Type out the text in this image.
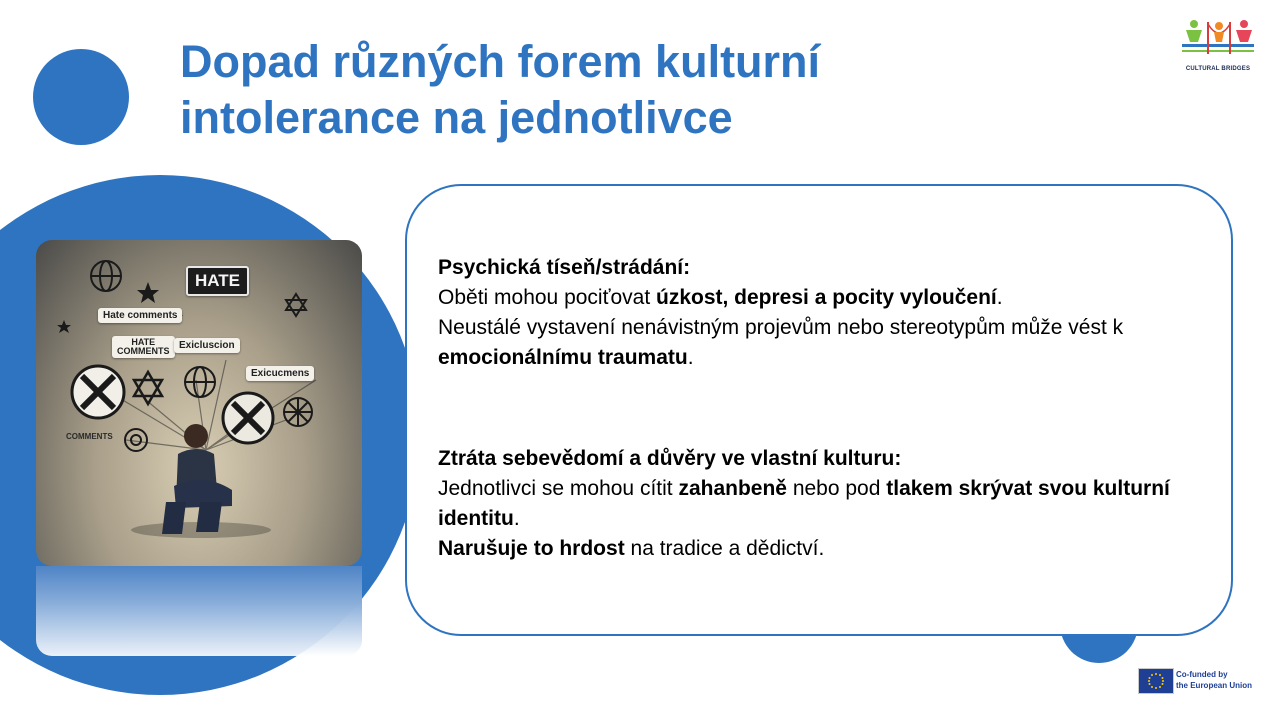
Dopad různých forem kulturní
intolerance na jednotlivce
CULTURAL BRIDGES
HATE
Hate comments
HATE
COMMENTS Exicluscion
Exicucmens
COMMENTS

Psychická tíseň/strádání:

Oběti mohou pociťovat úzkost, depresi a pocity vyloučení.

Neustálé vystavení nenávistným projevům nebo stereotypům může vést k emocionálnímu traumatu.

Ztráta sebevědomí a důvěry ve vlastní kulturu:

Jednotlivci se mohou cítit zahanbeně nebo pod tlakem skrývat svou kulturní identitu.

Narušuje to hrdost na tradice a dědictví.

Co-funded by
the European Union
